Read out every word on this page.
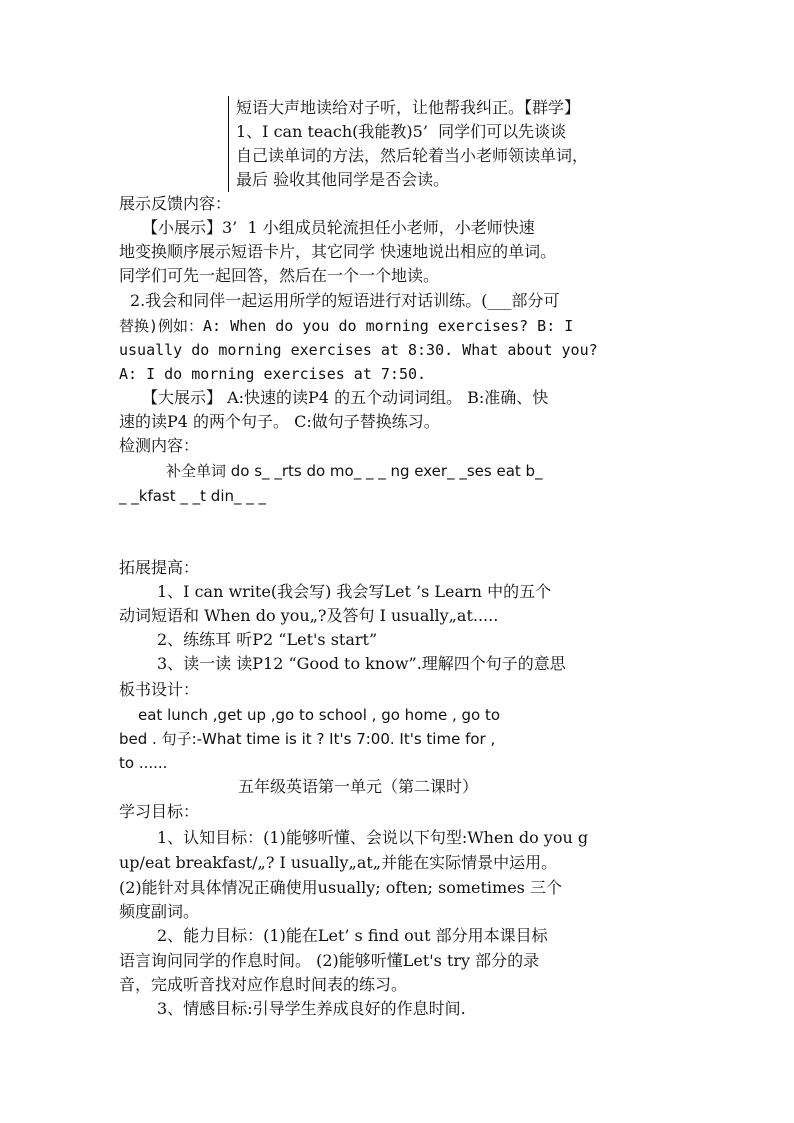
短语大声地读给对子听，让他帮我纠正。【群学】
1、I can teach(我能教)5’  同学们可以先谈谈
自己读单词的方法，然后轮着当小老师领读单词，
最后 验收其他同学是否会读。
展示反馈内容：
【小展示】3’  1 小组成员轮流担任小老师，小老师快速
地变换顺序展示短语卡片，其它同学 快速地说出相应的单词。
同学们可先一起回答，然后在一个一个地读。
2.我会和同伴一起运用所学的短语进行对话训练。(___部分可
替换)例如：A: When do you do morning exercises? B: I
usually do morning exercises at 8:30. What about you?
A: I do morning exercises at 7:50.
【大展示】 A:快速的读P4 的五个动词词组。 B:准确、快
速的读P4 的两个句子。 C:做句子替换练习。
检测内容：
补全单词 do s_ _rts do mo_ _ _ ng exer_ _ses eat b_
_ _kfast _ _t din_ _ _
拓展提高：
1、I can write(我会写) 我会写Let ’s Learn 中的五个
动词短语和 When do you„?及答句 I usually„at.....
2、练练耳 听P2 “Let's start”
3、读一读 读P12 “Good to know”.理解四个句子的意思
板书设计：
eat lunch ,get up ,go to school , go home , go to
bed . 句子:-What time is it ? It's 7:00. It's time for ,
to ......
五年级英语第一单元（第二课时）
学习目标：
1、认知目标：(1)能够听懂、会说以下句型:When do you g
up/eat breakfast/„? I usually„at„并能在实际情景中运用。
(2)能针对具体情况正确使用usually; often; sometimes 三个
频度副词。
2、能力目标：(1)能在Let’ s find out 部分用本课目标
语言询问同学的作息时间。 (2)能够听懂Let's try 部分的录
音，完成听音找对应作息时间表的练习。
3、情感目标:引导学生养成良好的作息时间.
